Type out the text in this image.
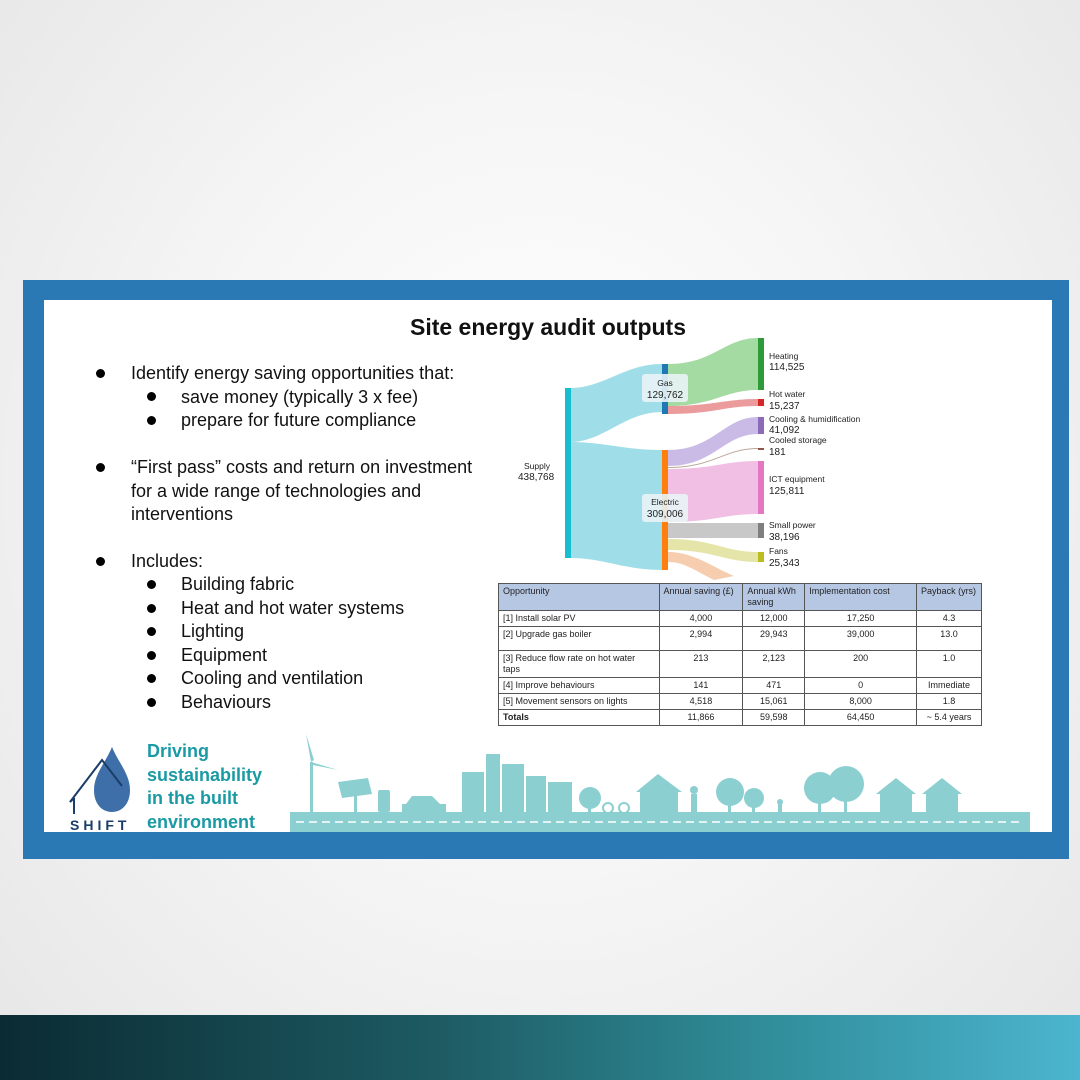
Site energy audit outputs
Identify energy saving opportunities that:
save money (typically 3 x fee)
prepare for future compliance
“First pass” costs and return on investment
for a wide range of technologies and
interventions
Includes:
Building fabric
Heat and hot water systems
Lighting
Equipment
Cooling and ventilation
Behaviours
Supply
438,768
Gas
129,762
Electric
309,006
Heating
114,525
Hot water
15,237
Cooling & humidification
41,092
Cooled storage
181
ICT equipment
125,811
Small power
38,196
Fans
25,343
Opportunity	Annual saving (£)	Annual kWh saving	Implementation cost	Payback (yrs)
[1] Install solar PV	4,000	12,000	17,250	4.3
[2] Upgrade gas boiler	2,994	29,943	39,000	13.0
[3] Reduce flow rate on hot water taps	213	2,123	200	1.0
[4] Improve behaviours	141	471	0	Immediate
[5] Movement sensors on lights	4,518	15,061	8,000	1.8
Totals	11,866	59,598	64,450	~ 5.4 years
SHIFT
Driving
sustainability
in the built
environment
